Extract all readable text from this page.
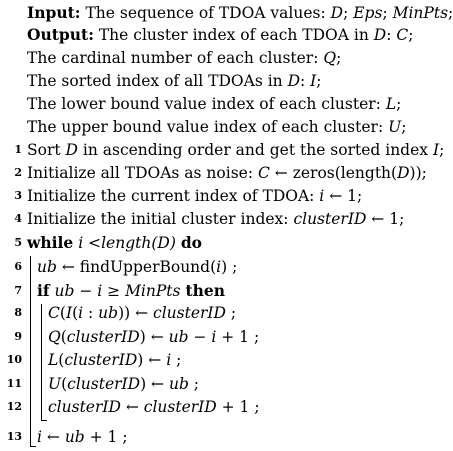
Input: The sequence of TDOA values: D; Eps; MinPts;
Output: The cluster index of each TDOA in D: C;
The cardinal number of each cluster: Q;
The sorted index of all TDOAs in D: I;
The lower bound value index of each cluster: L;
The upper bound value index of each cluster: U;
1 Sort D in ascending order and get the sorted index I;
2 Initialize all TDOAs as noise: C ← zeros(length(D));
3 Initialize the current index of TDOA: i ← 1;
4 Initialize the initial cluster index: clusterID ← 1;
5 while i <length(D) do
6 ub ← findUpperBound(i) ;
7 if ub − i ≥ MinPts then
8 C(I(i : ub)) ← clusterID ;
9 Q(clusterID) ← ub − i + 1 ;
10 L(clusterID) ← i ;
11 U(clusterID) ← ub ;
12 clusterID ← clusterID + 1 ;
13 i ← ub + 1 ;
